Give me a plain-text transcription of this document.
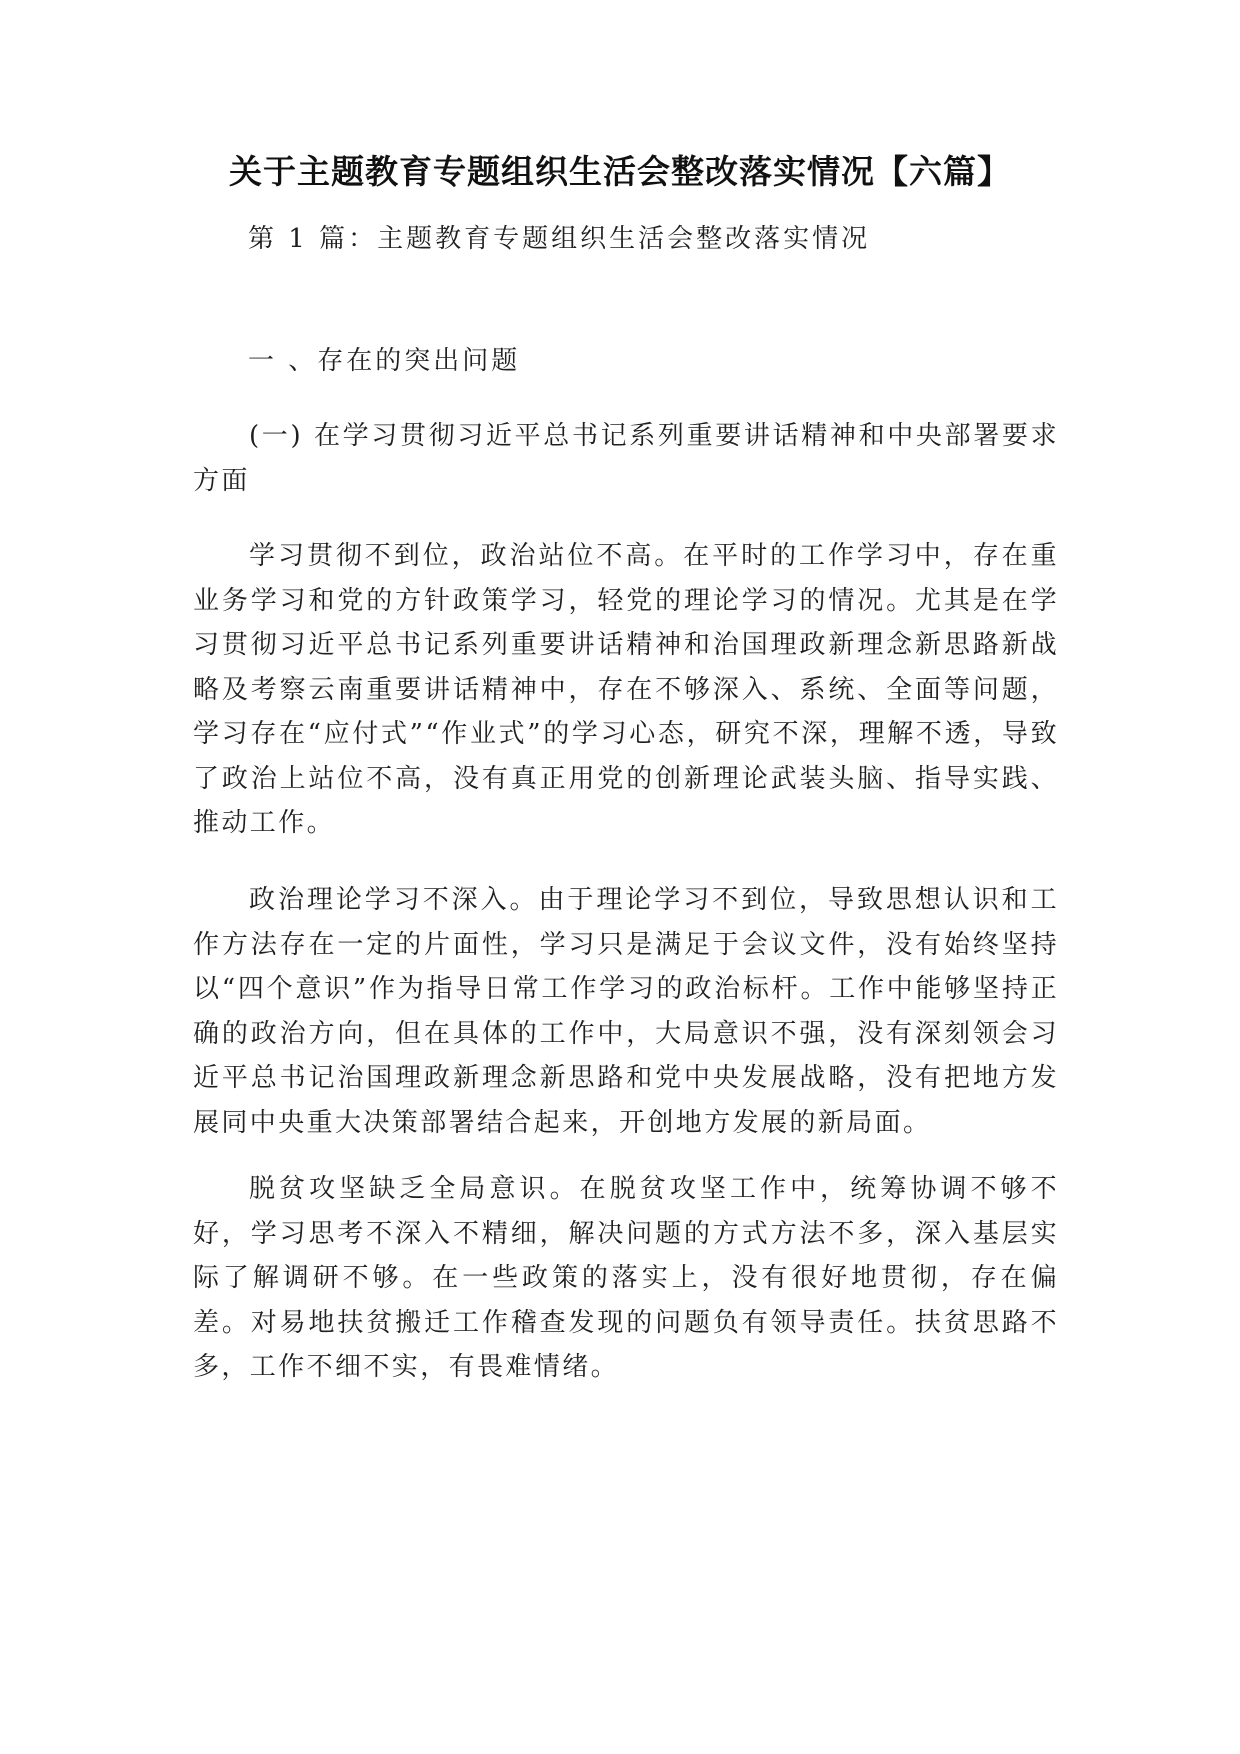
关于主题教育专题组织生活会整改落实情况【六篇】
第 1 篇：主题教育专题组织生活会整改落实情况
一 、存在的突出问题
(一) 在学习贯彻习近平总书记系列重要讲话精神和中央部署要求方面
学习贯彻不到位，政治站位不高。在平时的工作学习中，存在重业务学习和党的方针政策学习，轻党的理论学习的情况。尤其是在学习贯彻习近平总书记系列重要讲话精神和治国理政新理念新思路新战略及考察云南重要讲话精神中，存在不够深入、系统、全面等问题，学习存在“应付式”“作业式”的学习心态，研究不深，理解不透，导致了政治上站位不高，没有真正用党的创新理论武装头脑、指导实践、推动工作。
政治理论学习不深入。由于理论学习不到位，导致思想认识和工作方法存在一定的片面性，学习只是满足于会议文件，没有始终坚持以“四个意识”作为指导日常工作学习的政治标杆。工作中能够坚持正确的政治方向，但在具体的工作中，大局意识不强，没有深刻领会习近平总书记治国理政新理念新思路和党中央发展战略，没有把地方发展同中央重大决策部署结合起来，开创地方发展的新局面。
脱贫攻坚缺乏全局意识。在脱贫攻坚工作中，统筹协调不够不好，学习思考不深入不精细，解决问题的方式方法不多，深入基层实际了解调研不够。在一些政策的落实上，没有很好地贯彻，存在偏差。对易地扶贫搬迁工作稽查发现的问题负有领导责任。扶贫思路不多，工作不细不实，有畏难情绪。
